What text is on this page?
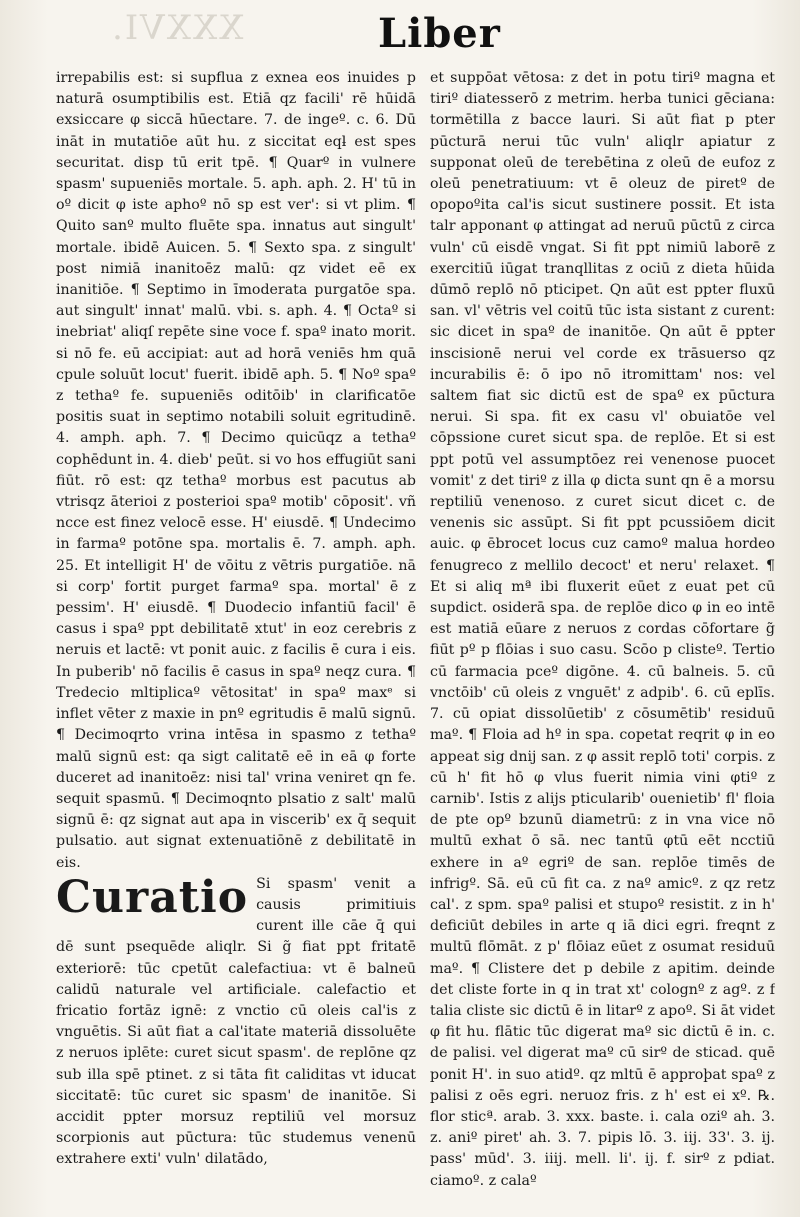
XXXVI.	Liber

irrepabilis est: si supflua z exnea eos inuides p naturā osumptibilis est. Etiā qz facili' rē hūidā exsiccare φ siccā hūectare. 7. de ingeº. c. 6. Dū ināt in mutatiōe aūt hu. z siccitat eqƚ est spes securitat. disp tū erit tpē. ¶ Quarº in vulnere spasm' supueniēs mortale. 5. aph. aph. 2. H' tū in oº dicit φ iste aphoº nō sp est ver': si vt plim. ¶ Quito sanº multo fluēte spa. innatus aut singult' mortale. ibidē Auicen. 5. ¶ Sexto spa. z singult' post nimiā inanitoēz malū: qz videt eē ex inanitiōe. ¶ Septimo in īmoderata purgatōe spa. aut singult' innat' malū. vbi. s. aph. 4. ¶ Octaº si inebriat' aliqſ repēte sine voce f. spaº inato morit. si nō fe. eū accipiat: aut ad horā veniēs hm quā cpule soluūt locut' fuerit. ibidē aph. 5. ¶ Noº spaº z tethaº fe. supueniēs oditōib' in clarificatōe positis suat in septimo notabili soluit egritudinē. 4. amph. aph. 7. ¶ Decimo quicūqz a tethaº cophēdunt in. 4. dieb' peūt. si vo hos effugiūt sani fiūt. rō est: qz tethaº morbus est pacutus ab vtrisqz āterioi z posterioi spaº motib' cōposit'. vñ ncce est finez velocē esse. H' eiusdē. ¶ Undecimo in farmaº potōne spa. mortalis ē. 7. amph. aph. 25. Et intelligit H' de vōitu z vētris purgatiōe. nā si corp' fortit purget farmaº spa. mortal' ē z pessim'. H' eiusdē. ¶ Duodecio infantiū facil' ē casus i spaº ppt debilitatē xtut' in eoz cerebris z neruis et lactē: vt ponit auic. z facilis ē cura i eis. In puberib' nō facilis ē casus in spaº neqz cura. ¶ Tredecio mltiplicaº vētositat' in spaº maxᵉ si inflet vēter z maxie in pnº egritudis ē malū signū. ¶ Decimoqrto vrina intēsa in spasmo z tethaº malū signū est: qa sigt calitatē eē in eā φ forte duceret ad inanitoēz: nisi tal' vrina veniret qn fe. sequit spasmū. ¶ Decimoqnto plsatio z salt' malū signū ē: qz signat aut apa in viscerib' ex q̄ sequit pulsatio. aut signat extenuatiōnē z debilitatē in eis.

Curatio Si spasm' venit a causis primitiuis curent ille cāe q̄ qui dē sunt psequēde aliqlr. Si g̃ fiat ppt fritatē exteriorē: tūc cpetūt calefactiua: vt ē balneū calidū naturale vel artificiale. calefactio et fricatio fortāz ignē: z vnctio cū oleis cal'is z vnguētis. Si aūt fiat a cal'itate materiā dissoluēte z neruos iplēte: curet sicut spasm'. de replōne qz sub illa spē ptinet. z si tāta fit caliditas vt iducat siccitatē: tūc curet sic spasm' de inanitōe. Si accidit ppter morsuz reptiliū vel morsuz scorpionis aut pūctura: tūc studemus venenū extrahere exti' vuln' dilatādo,

et suppōat vētosa: z det in potu tiriº magna et tiriº diatesserō z metrim. herba tunici gēciana: tormētilla z bacce lauri. Si aūt fiat p pter pūcturā nerui tūc vuln' aliqlr apiatur z supponat oleū de terebētina z oleū de eufoz z oleū penetratiuum: vt ē oleuz de piretº de opopoºita cal'is sicut sustinere possit. Et ista talr apponant φ attingat ad neruū pūctū z circa vuln' cū eisdē vngat. Si fit ppt nimiū laborē z exercitiū iūgat tranqllitas z ociū z dieta hūida dūmō replō nō pticipet. Qn aūt est ppter fluxū san. vl' vētris vel coitū tūc ista sistant z curent: sic dicet in spaº de inanitōe. Qn aūt ē ppter inscisionē nerui vel corde ex trāsuerso qz incurabilis ē: ō ipo nō itromittam' nos: vel saltem fiat sic dictū est de spaº ex pūctura nerui. Si spa. fit ex casu vl' obuiatōe vel cōpssione curet sicut spa. de replōe. Et si est ppt potū vel assumptōez rei venenose puocet vomit' z det tiriº z illa φ dicta sunt qn ē a morsu reptiliū venenoso. z curet sicut dicet c. de venenis sic assūpt. Si fit ppt pcussiōem dicit auic. φ ēbrocet locus cuz camoº malua hordeo fenugreco z mellilo decoct' et neru' relaxet. ¶ Et si aliq mª ibi fluxerit eūet z euat pet cū supdict. osiderā spa. de replōe dico φ in eo intē est matiā eūare z neruos z cordas cōfortare g̃ fiūt pº p flōias i suo casu. Scōo p clisteº. Tertio cū farmacia pceº digōne. 4. cū balneis. 5. cū vnctōib' cū oleis z vnguēt' z adpib'. 6. cū eplīs. 7. cū opiat dissolūetib' z cōsumētib' residuū maº. ¶ Floia ad hº in spa. copetat reqrit φ in eo appeat sig dnij san. z φ assit replō toti' corpis. z cū h' fit hō φ vlus fuerit nimia vini φtiº z carnib'. Istis z alijs pticularib' ouenietib' fl' floia de pte opº bzunū diametrū: z in vna vice nō multū exhat ō sā. nec tantū φtū eēt ncctiū exhere in aº egriº de san. replōe timēs de infrigº. Sā. eū cū fit ca. z naº amicº. z qz retz cal'. z spm. spaº palisi et stupoº resistit. z in h' deficiūt debiles in arte q iā dici egri. freqnt z multū flōmāt. z p' flōiaz eūet z osumat residuū maº. ¶ Clistere det p debile z apitim. deinde det cliste forte in q in trat xt' colognº z agº. z f talia cliste sic dictū ē in litarº z apoº. Si āt videt φ fit hu. flātic tūc digerat maº sic dictū ē in. c. de palisi. vel digerat maº cū sirº de sticad. quē ponit H'. in suo atidº. qz mltū ē approþat spaº z palisi z oēs egri. neruoz fris. z h' est ei xº. ℞. flor sticª. arab. 3. xxx. baste. i. cala oziº ah. 3. z. aniº piret' ah. 3. 7. pipis lō. 3. iij. 33'. 3. ij. pass' mūd'. 3. iiij. mell. li'. ij. f. sirº z pdiat. ciamoº. z calaº
